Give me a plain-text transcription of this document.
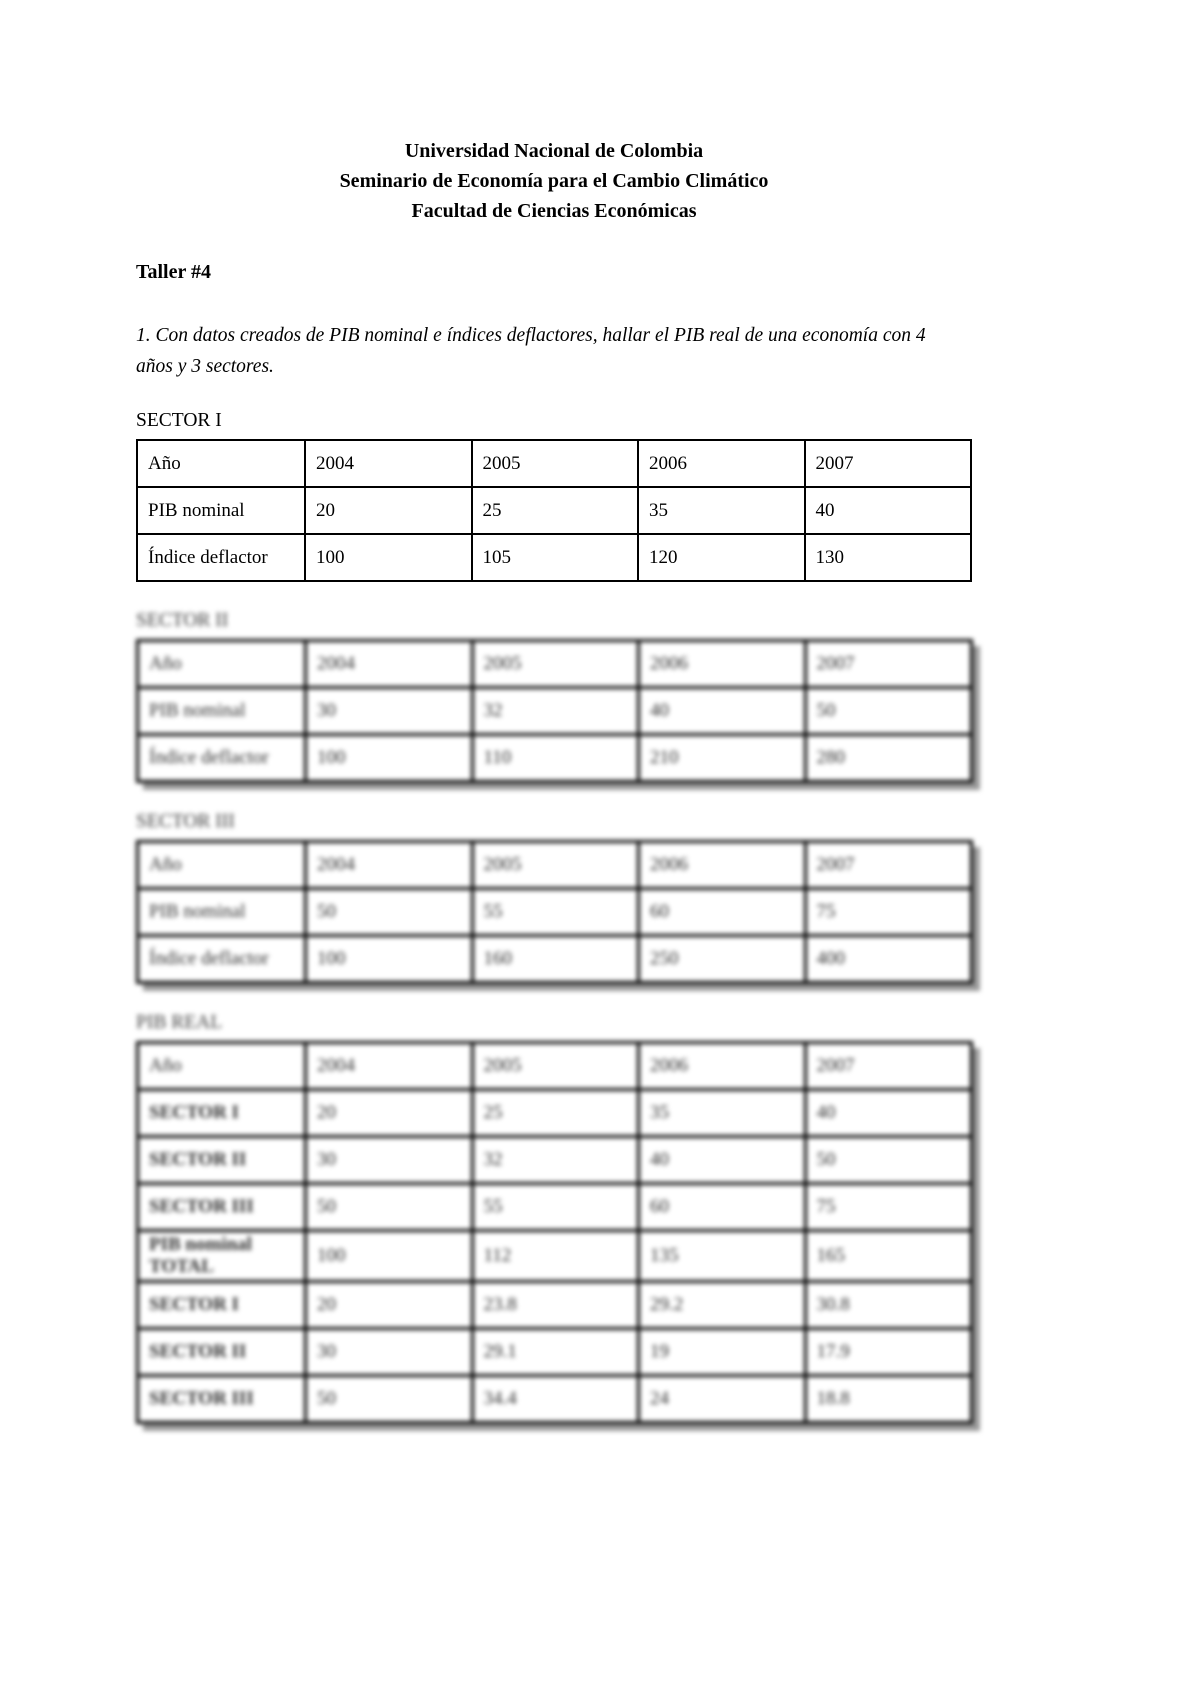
Universidad Nacional de Colombia
Seminario de Economía para el Cambio Climático
Facultad de Ciencias Económicas
Taller #4
1. Con datos creados de PIB nominal e índices deflactores, hallar el PIB real de una economía con 4 años y 3 sectores.
SECTOR I
Año	2004	2005	2006	2007
PIB nominal	20	25	35	40
Índice deflactor	100	105	120	130
SECTOR II
Año	2004	2005	2006	2007
PIB nominal	30	32	40	50
Índice deflactor	100	110	210	280
SECTOR III
Año	2004	2005	2006	2007
PIB nominal	50	55	60	75
Índice deflactor	100	160	250	400
PIB REAL
Año	2004	2005	2006	2007
SECTOR I	20	25	35	40
SECTOR II	30	32	40	50
SECTOR III	50	55	60	75
PIB nominal TOTAL	100	112	135	165
SECTOR I	20	23.8	29.2	30.8
SECTOR II	30	29.1	19	17.9
SECTOR III	50	34.4	24	18.8
